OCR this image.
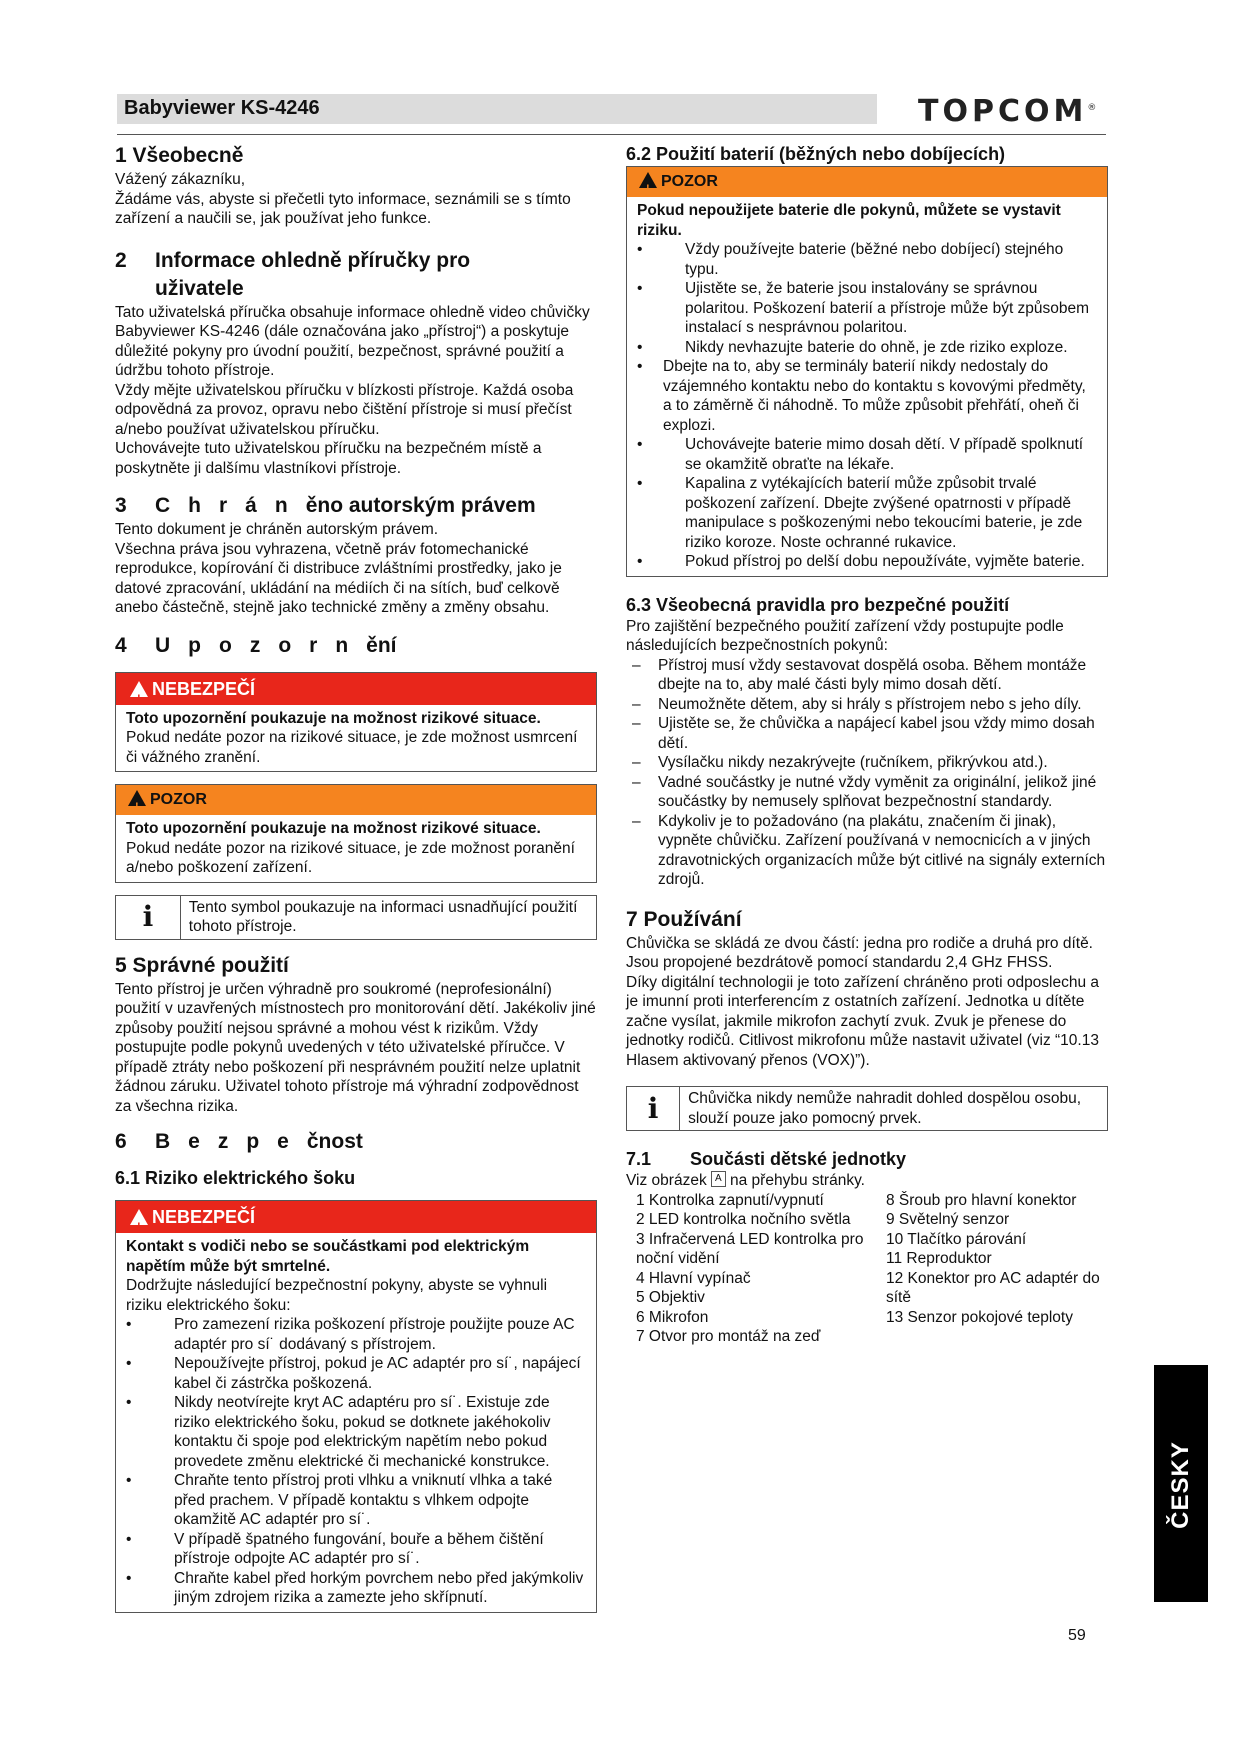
Babyviewer KS-4246	TOPCOM®
1 Všeobecně

Vážený zákazníku,

Žádáme vás, abyste si přečetli tyto informace, seznámili se s tímto zařízení a naučili se, jak používat jeho funkce.

2	Informace ohledně příručky pro uživatele

Tato uživatelská příručka obsahuje informace ohledně video chůvičky Babyviewer KS-4246 (dále označována jako „přístroj“) a poskytuje důležité pokyny pro úvodní použití, bezpečnost, správné použití a údržbu tohoto přístroje.

Vždy mějte uživatelskou příručku v blízkosti přístroje. Každá osoba odpovědná za provoz, opravu nebo čištění přístroje si musí přečíst a/nebo používat uživatelskou příručku.

Uchovávejte tuto uživatelskou příručku na bezpečném místě a poskytněte ji dalšímu vlastníkovi přístroje.

3 Chráněno autorským právem

Tento dokument je chráněn autorským právem.

Všechna práva jsou vyhrazena, včetně práv fotomechanické reprodukce, kopírování či distribuce zvláštními prostředky, jako je datové zpracování, ukládání na médiích či na sítích, buď celkově anebo částečně, stejně jako technické změny a změny obsahu.

4 Upozornění
!NEBEZPEČÍ

Toto upozornění poukazuje na možnost rizikové situace.

Pokud nedáte pozor na rizikové situace, je zde možnost usmrcení či vážného zranění.

!POZOR

Toto upozornění poukazuje na možnost rizikové situace.

Pokud nedáte pozor na rizikové situace, je zde možnost poranění a/nebo poškození zařízení.

i	Tento symbol poukazuje na informaci usnadňující použití tohoto přístroje.
5 Správné použití

Tento přístroj je určen výhradně pro soukromé (neprofesionální) použití v uzavřených místnostech pro monitorování dětí. Jakékoliv jiné způsoby použití nejsou správné a mohou vést k rizikům. Vždy postupujte podle pokynů uvedených v této uživatelské příručce. V případě ztráty nebo poškození při nesprávném použití nelze uplatnit žádnou záruku. Uživatel tohoto přístroje má výhradní zodpovědnost za všechna rizika.

6 Bezpečnost
6.1 Riziko elektrického šoku
!NEBEZPEČÍ

Kontakt s vodiči nebo se součástkami pod elektrickým napětím může být smrtelné.

Dodržujte následující bezpečnostní pokyny, abyste se vyhnuli riziku elektrického šoku:

• Pro zamezení rizika poškození přístroje použijte pouze AC adaptér pro sí˙ dodávaný s přístrojem.
• Nepoužívejte přístroj, pokud je AC adaptér pro sí˙, napájecí kabel či zástrčka poškozená.
• Nikdy neotvírejte kryt AC adaptéru pro sí˙. Existuje zde riziko elektrického šoku, pokud se dotknete jakéhokoliv kontaktu či spoje pod elektrickým napětím nebo pokud provedete změnu elektrické či mechanické konstrukce.
• Chraňte tento přístroj proti vlhku a vniknutí vlhka a také před prachem. V případě kontaktu s vlhkem odpojte okamžitě AC adaptér pro sí˙.
• V případě špatného fungování, bouře a během čištění přístroje odpojte AC adaptér pro sí˙.
• Chraňte kabel před horkým povrchem nebo před jakýmkoliv jiným zdrojem rizika a zamezte jeho skřípnutí.
6.2 Použití baterií (běžných nebo dobíjecích)
!POZOR

Pokud nepoužijete baterie dle pokynů, můžete se vystavit riziku.

• Vždy používejte baterie (běžné nebo dobíjecí) stejného typu.
• Ujistěte se, že baterie jsou instalovány se správnou polaritou. Poškození baterií a přístroje může být způsobem instalací s nesprávnou polaritou.
• Nikdy nevhazujte baterie do ohně, je zde riziko exploze.
• Dbejte na to, aby se terminály baterií nikdy nedostaly do vzájemného kontaktu nebo do kontaktu s kovovými předměty, a to záměrně či náhodně. To může způsobit přehřátí, oheň či explozi.
• Uchovávejte baterie mimo dosah dětí. V případě spolknutí se okamžitě obraťte na lékaře.
• Kapalina z vytékajících baterií může způsobit trvalé poškození zařízení. Dbejte zvýšené opatrnosti v případě manipulace s poškozenými nebo tekoucími baterie, je zde riziko koroze. Noste ochranné rukavice.
• Pokud přístroj po delší dobu nepoužíváte, vyjměte baterie.
6.3 Všeobecná pravidla pro bezpečné použití

Pro zajištění bezpečného použití zařízení vždy postupujte podle následujících bezpečnostních pokynů:

– Přístroj musí vždy sestavovat dospělá osoba. Během montáže dbejte na to, aby malé části byly mimo dosah dětí.
– Neumožněte dětem, aby si hrály s přístrojem nebo s jeho díly.
– Ujistěte se, že chůvička a napájecí kabel jsou vždy mimo dosah dětí.
– Vysílačku nikdy nezakrývejte (ručníkem, přikrývkou atd.).
– Vadné součástky je nutné vždy vyměnit za originální, jelikož jiné součástky by nemusely splňovat bezpečnostní standardy.
– Kdykoliv je to požadováno (na plakátu, značením či jinak), vypněte chůvičku. Zařízení používaná v nemocnicích a v jiných zdravotnických organizacích může být citlivé na signály externích zdrojů.
7 Používání

Chůvička se skládá ze dvou částí: jedna pro rodiče a druhá pro dítě. Jsou propojené bezdrátově pomocí standardu 2,4 GHz FHSS.

Díky digitální technologii je toto zařízení chráněno proti odposlechu a je imunní proti interferencím z ostatních zařízení. Jednotka u dítěte začne vysílat, jakmile mikrofon zachytí zvuk. Zvuk je přenese do jednotky rodičů. Citlivost mikrofonu může nastavit uživatel (viz “10.13 Hlasem aktivovaný přenos (VOX)”).

i	Chůvička nikdy nemůže nahradit dohled dospělou osobu, slouží pouze jako pomocný prvek.
7.1	Součásti dětské jednotky

Viz obrázek A na přehybu stránky.

1 Kontrolka zapnutí/vypnutí
2 LED kontrolka nočního světla
3 Infračervená LED kontrolka pro noční vidění
4 Hlavní vypínač
5 Objektiv
6 Mikrofon
7 Otvor pro montáž na zeď
8 Šroub pro hlavní konektor
9 Světelný senzor
10 Tlačítko párování
11 Reproduktor
12 Konektor pro AC adaptér do sítě
13 Senzor pokojové teploty
ČESKY
59
